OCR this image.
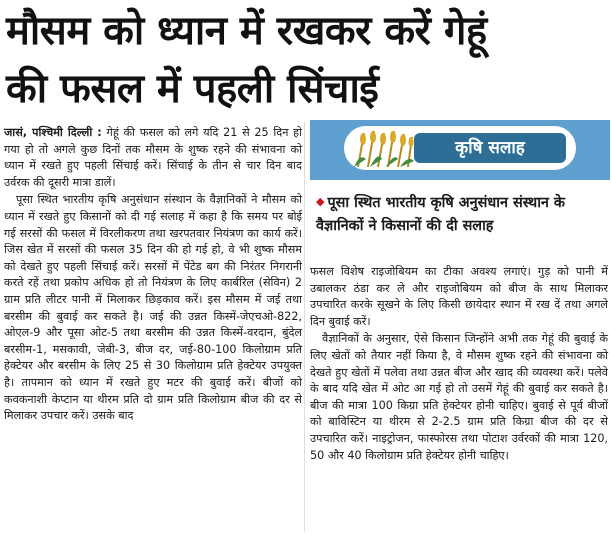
मौसम को ध्यान में रखकर करें गेहूं
की फसल में पहली सिंचाई

जासं, पश्चिमी दिल्ली : गेहूं की फसल को लगे यदि 21 से 25 दिन हो गया हो तो अगले कुछ दिनों तक मौसम के शुष्क रहने की संभावना को ध्यान में रखते हुए पहली सिंचाई करें। सिंचाई के तीन से चार दिन बाद उर्वरक की दूसरी मात्रा डालें।

पूसा स्थित भारतीय कृषि अनुसंधान संस्थान के वैज्ञानिकों ने मौसम को ध्यान में रखते हुए किसानों को दी गई सलाह में कहा है कि समय पर बोई गई सरसों की फसल में विरलीकरण तथा खरपतवार नियंत्रण का कार्य करें। जिस खेत में सरसों की फसल 35 दिन की हो गई हो, वे भी शुष्क मौसम को देखते हुए पहली सिंचाई करें। सरसों में पेंटेड बग की निरंतर निगरानी करते रहें तथा प्रकोप अधिक हो तो नियंत्रण के लिए कार्बरिल (सेविन) 2 ग्राम प्रति लीटर पानी में मिलाकर छिड़काव करें। इस मौसम में जई तथा बरसीम की बुवाई कर सकते है। जई की उन्नत किस्में-जेएचओ-822, ओएल-9 और पूसा ओट-5 तथा बरसीम की उन्नत किस्में-वरदान, बुंदेल बरसीम-1, मसकावी, जेबी-3, बीज दर, जई-80-100 किलोग्राम प्रति हेक्टेयर और बरसीम के लिए 25 से 30 किलोग्राम प्रति हेक्टेयर उपयुक्त है। तापमान को ध्यान में रखते हुए मटर की बुवाई करें। बीजों को कवकनाशी केप्टान या थीरम प्रति दो ग्राम प्रति किलोग्राम बीज की दर से मिलाकर उपचार करें। उसके बाद

कृषि सलाह
◆ पूसा स्थित भारतीय कृषि अनुसंधान संस्थान के वैज्ञानिकों ने किसानों की दी सलाह

फसल विशेष राइजोबियम का टीका अवश्य लगाएं। गुड़ को पानी में उबालकर ठंडा कर ले और राइजोबियम को बीज के साथ मिलाकर उपचारित करके सूखने के लिए किसी छायेदार स्थान में रख दें तथा अगले दिन बुवाई करें।

वैज्ञानिकों के अनुसार, ऐसे किसान जिन्होंने अभी तक गेहूं की बुवाई के लिए खेतों को तैयार नहीं किया है, वे मौसम शुष्क रहने की संभावना को देखते हुए खेतों में पलेवा तथा उन्नत बीज और खाद की व्यवस्था करें। पलेवे के बाद यदि खेत में ओट आ गई हो तो उसमें गेहूं की बुवाई कर सकते है। बीज की मात्रा 100 किग्रा प्रति हेक्टेयर होनी चाहिए। बुवाई से पूर्व बीजों को बाविस्टिन या थीरम से 2-2.5 ग्राम प्रति किग्रा बीज की दर से उपचारित करें। नाइट्रोजन, फास्फोरस तथा पोटाश उर्वरकों की मात्रा 120, 50 और 40 किलोग्राम प्रति हेक्टेयर होनी चाहिए।
